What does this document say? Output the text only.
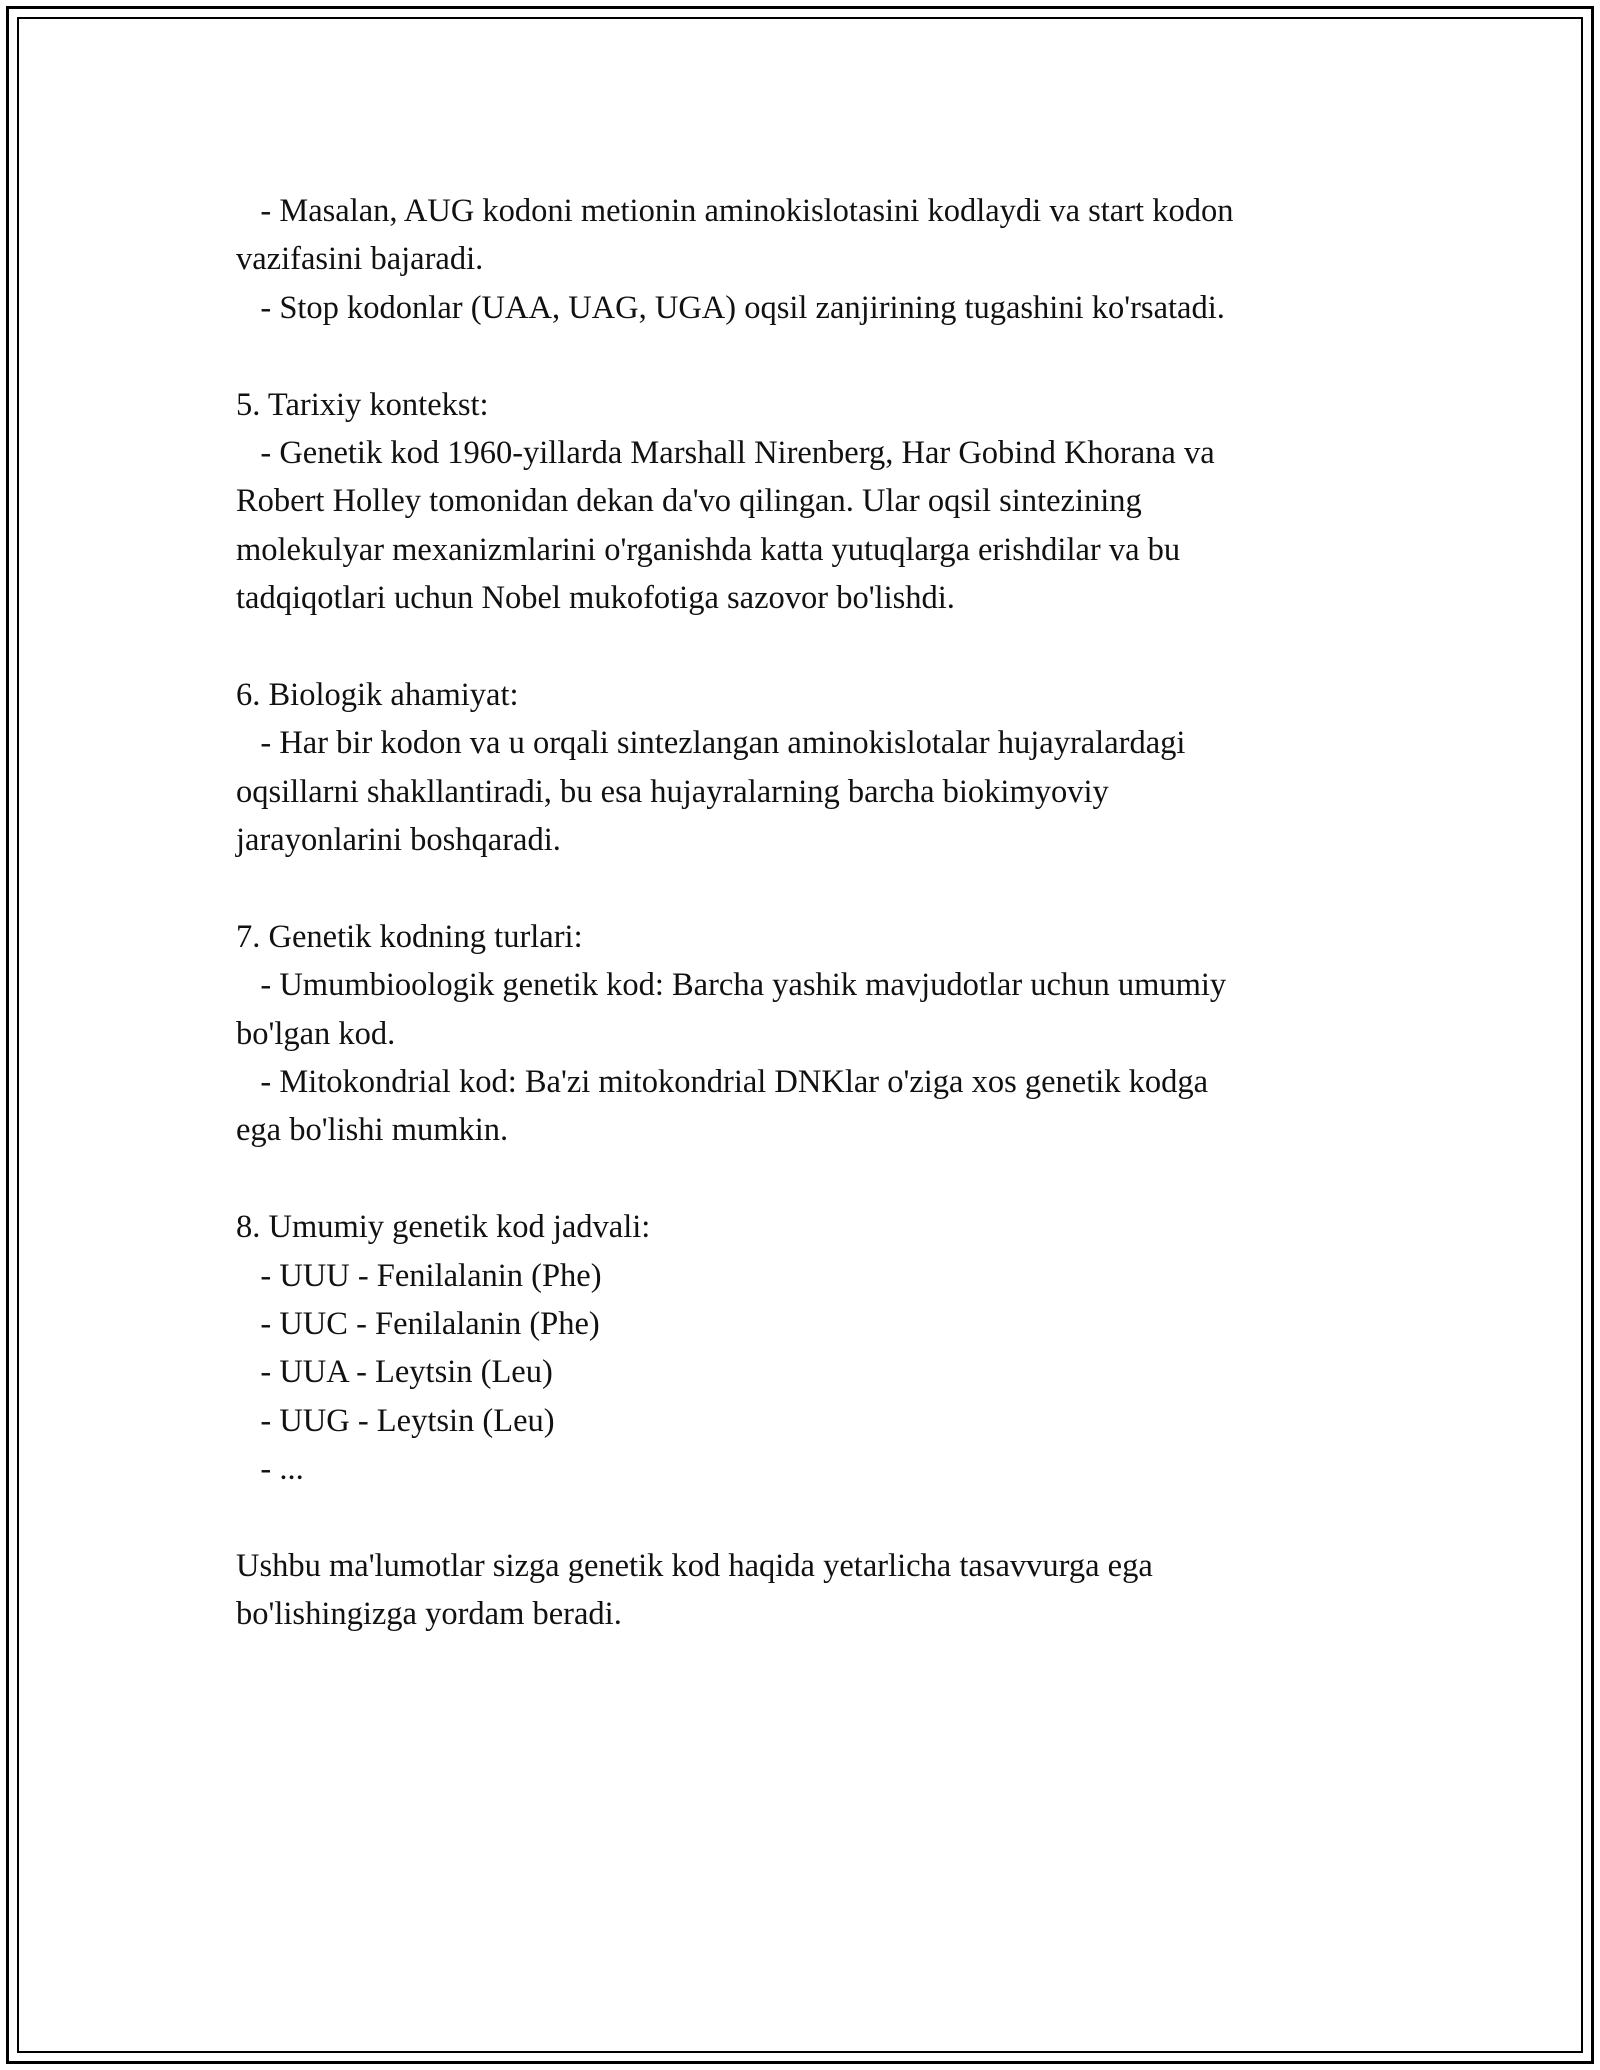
- Masalan, AUG kodoni metionin aminokislotasini kodlaydi va start kodon
vazifasini bajaradi.
- Stop kodonlar (UAA, UAG, UGA) oqsil zanjirining tugashini ko'rsatadi.
5. Tarixiy kontekst:
- Genetik kod 1960-yillarda Marshall Nirenberg, Har Gobind Khorana va
Robert Holley tomonidan dekan da'vo qilingan. Ular oqsil sintezining
molekulyar mexanizmlarini o'rganishda katta yutuqlarga erishdilar va bu
tadqiqotlari uchun Nobel mukofotiga sazovor bo'lishdi.
6. Biologik ahamiyat:
- Har bir kodon va u orqali sintezlangan aminokislotalar hujayralardagi
oqsillarni shakllantiradi, bu esa hujayralarning barcha biokimyoviy
jarayonlarini boshqaradi.
7. Genetik kodning turlari:
- Umumbioologik genetik kod: Barcha yashik mavjudotlar uchun umumiy
bo'lgan kod.
- Mitokondrial kod: Ba'zi mitokondrial DNKlar o'ziga xos genetik kodga
ega bo'lishi mumkin.
8. Umumiy genetik kod jadvali:
- UUU - Fenilalanin (Phe)
- UUC - Fenilalanin (Phe)
- UUA - Leytsin (Leu)
- UUG - Leytsin (Leu)
- ...
Ushbu ma'lumotlar sizga genetik kod haqida yetarlicha tasavvurga ega
bo'lishingizga yordam beradi.
